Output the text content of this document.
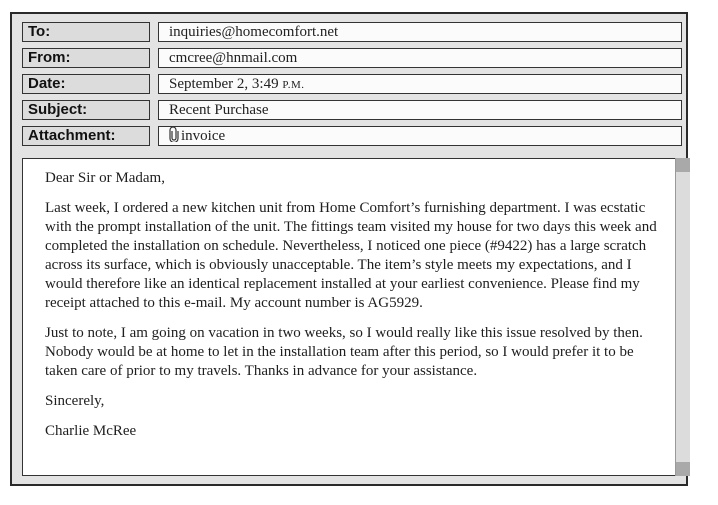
To:	inquiries@homecomfort.net
From:	cmcree@hnmail.com
Date:	September 2, 3:49 P.M.
Subject:	Recent Purchase
Attachment:	invoice

Dear Sir or Madam,

Last week, I ordered a new kitchen unit from Home Comfort’s furnishing department. I was ecstatic with the prompt installation of the unit. The fittings team visited my house for two days this week and completed the installation on schedule. Nevertheless, I noticed one piece (#9422) has a large scratch across its surface, which is obviously unacceptable. The item’s style meets my expectations, and I would therefore like an identical replacement installed at your earliest convenience. Please find my receipt attached to this e-mail. My account number is AG5929.

Just to note, I am going on vacation in two weeks, so I would really like this issue resolved by then. Nobody would be at home to let in the installation team after this period, so I would prefer it to be taken care of prior to my travels. Thanks in advance for your assistance.

Sincerely,

Charlie McRee
